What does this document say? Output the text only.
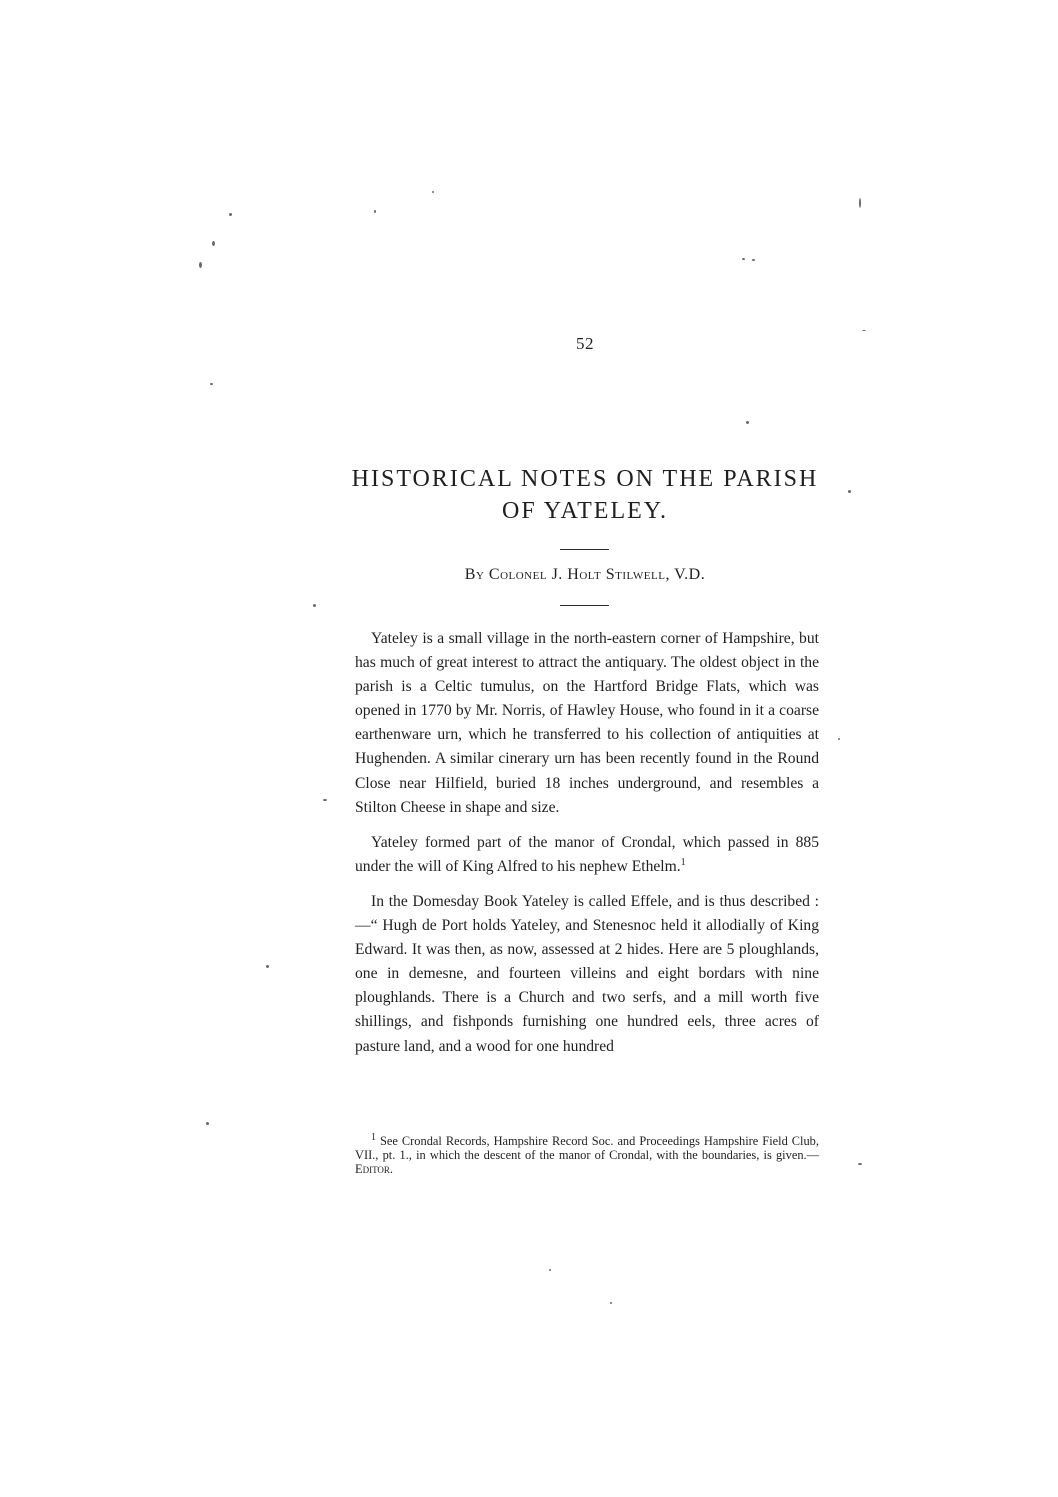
52
HISTORICAL NOTES ON THE PARISH
OF YATELEY.
By Colonel J. Holt Stilwell, V.D.

Yateley is a small village in the north-eastern corner of Hampshire, but has much of great interest to attract the antiquary. The oldest object in the parish is a Celtic tumulus, on the Hartford Bridge Flats, which was opened in 1770 by Mr. Norris, of Hawley House, who found in it a coarse earthenware urn, which he transferred to his collection of antiquities at Hughenden. A similar cinerary urn has been recently found in the Round Close near Hilfield, buried 18 inches underground, and resembles a Stilton Cheese in shape and size.

Yateley formed part of the manor of Crondal, which passed in 885 under the will of King Alfred to his nephew Ethelm.$^1$

In the Domesday Book Yateley is called Effele, and is thus described :—“ Hugh de Port holds Yateley, and Stenesnoc held it allodially of King Edward. It was then, as now, assessed at 2 hides. Here are 5 ploughlands, one in demesne, and fourteen villeins and eight bordars with nine ploughlands. There is a Church and two serfs, and a mill worth five shillings, and fishponds furnishing one hundred eels, three acres of pasture land, and a wood for one hundred

$^1$ See Crondal Records, Hampshire Record Soc. and Proceedings Hampshire Field Club, VII., pt. 1., in which the descent of the manor of Crondal, with the boundaries, is given.—Editor.
